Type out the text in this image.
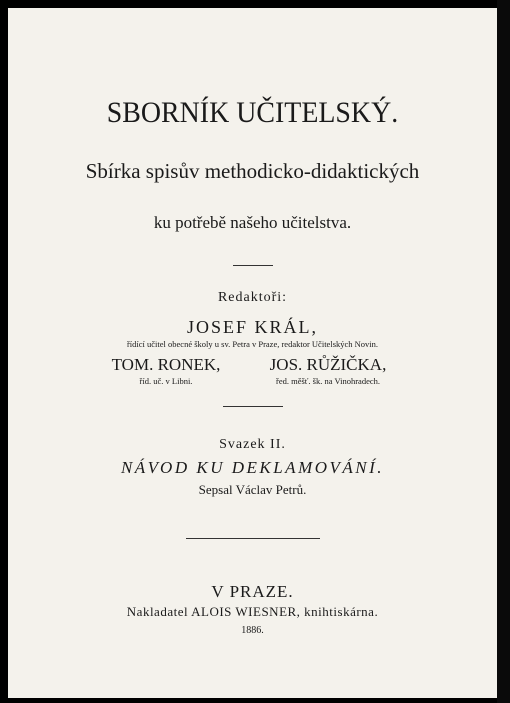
SBORNÍK UČITELSKÝ.
Sbírka spisův methodicko-didaktických
ku potřebě našeho učitelstva.
Redaktoři:
JOSEF KRÁL,
řídící učitel obecné školy u sv. Petra v Praze, redaktor Učitelských Novin.
TOM. RONEK,
říd. uč. v Libni.
JOS. RŮŽIČKA,
řed. měšť. šk. na Vinohradech.
Svazek II.
NÁVOD KU DEKLAMOVÁNÍ.
Sepsal Václav Petrů.
V PRAZE.
Nakladatel ALOIS WIESNER, knihtiskárna.
1886.
